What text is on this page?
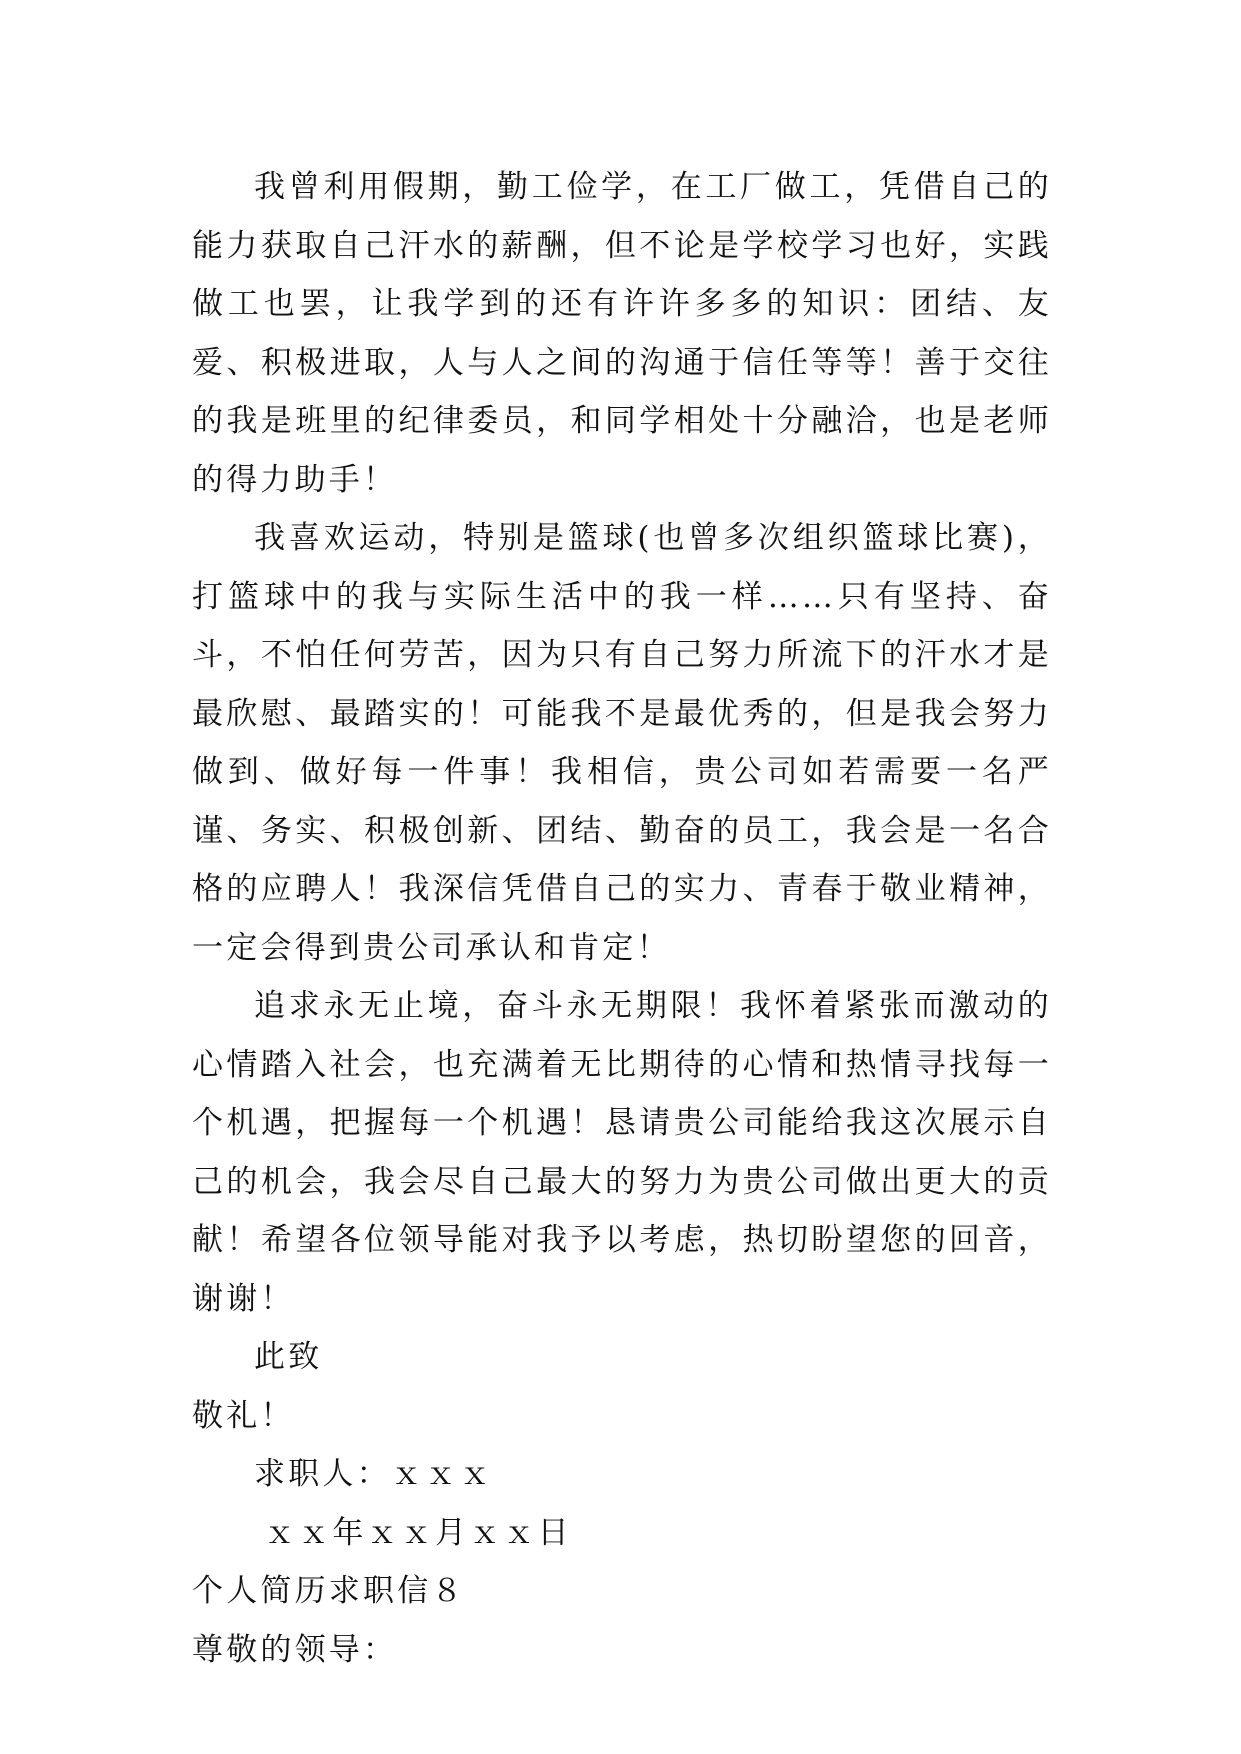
我曾利用假期，勤工俭学，在工厂做工，凭借自己的能力获取自己汗水的薪酬，但不论是学校学习也好，实践做工也罢，让我学到的还有许许多多的知识：团结、友爱、积极进取，人与人之间的沟通于信任等等！善于交往的我是班里的纪律委员，和同学相处十分融洽，也是老师的得力助手！

我喜欢运动，特别是篮球(也曾多次组织篮球比赛)，打篮球中的我与实际生活中的我一样……只有坚持、奋斗，不怕任何劳苦，因为只有自己努力所流下的汗水才是最欣慰、最踏实的！可能我不是最优秀的，但是我会努力做到、做好每一件事！我相信，贵公司如若需要一名严谨、务实、积极创新、团结、勤奋的员工，我会是一名合格的应聘人！我深信凭借自己的实力、青春于敬业精神，一定会得到贵公司承认和肯定！

追求永无止境，奋斗永无期限！我怀着紧张而激动的心情踏入社会，也充满着无比期待的心情和热情寻找每一个机遇，把握每一个机遇！恳请贵公司能给我这次展示自己的机会，我会尽自己最大的努力为贵公司做出更大的贡献！希望各位领导能对我予以考虑，热切盼望您的回音，谢谢！

此致

敬礼！

求职人：ｘｘｘ

ｘｘ年ｘｘ月ｘｘ日

个人简历求职信８

尊敬的领导：
